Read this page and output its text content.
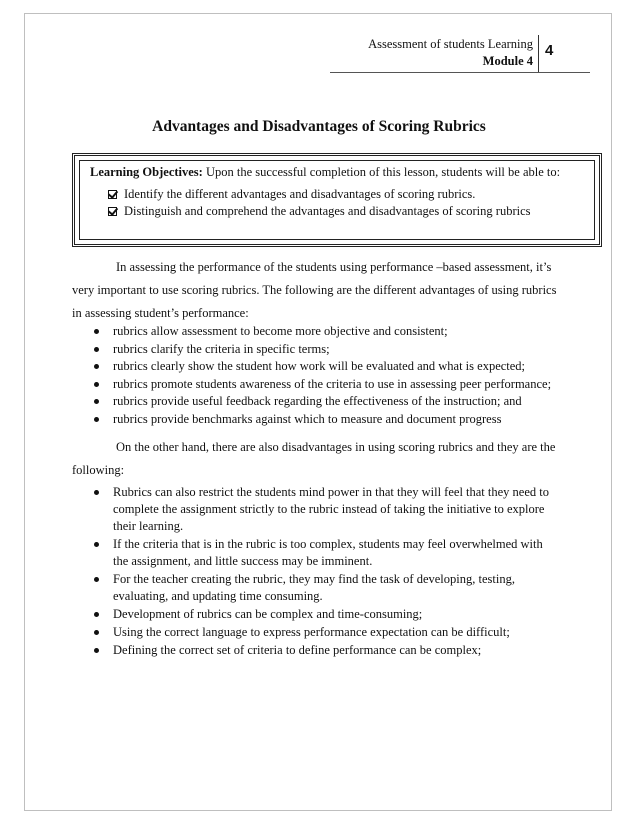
Assessment of students Learning
Module 4
4
Advantages and Disadvantages of Scoring Rubrics
Learning Objectives: Upon the successful completion of this lesson, students will be able to:
Identify the different advantages and disadvantages of scoring rubrics.
Distinguish and comprehend the advantages and disadvantages of scoring rubrics
In assessing the performance of the students using performance –based assessment, it’s
very important to use scoring rubrics. The following are the different advantages of using rubrics
in assessing student’s performance:
rubrics allow assessment to become more objective and consistent;
rubrics clarify the criteria in specific terms;
rubrics clearly show the student how work will be evaluated and what is expected;
rubrics promote students awareness of the criteria to use in assessing peer performance;
rubrics provide useful feedback regarding the effectiveness of the instruction; and
rubrics provide benchmarks against which to measure and document progress
On the other hand, there are also disadvantages in using scoring rubrics and they are the
following:
Rubrics can also restrict the students mind power in that they will feel that they need to complete the assignment strictly to the rubric instead of taking the initiative to explore their learning.
If the criteria that is in the rubric is too complex, students may feel overwhelmed with the assignment, and little success may be imminent.
For the teacher creating the rubric, they may find the task of developing, testing, evaluating, and updating time consuming.
Development of rubrics can be complex and time-consuming;
Using the correct language to express performance expectation can be difficult;
Defining the correct set of criteria to define performance can be complex;
